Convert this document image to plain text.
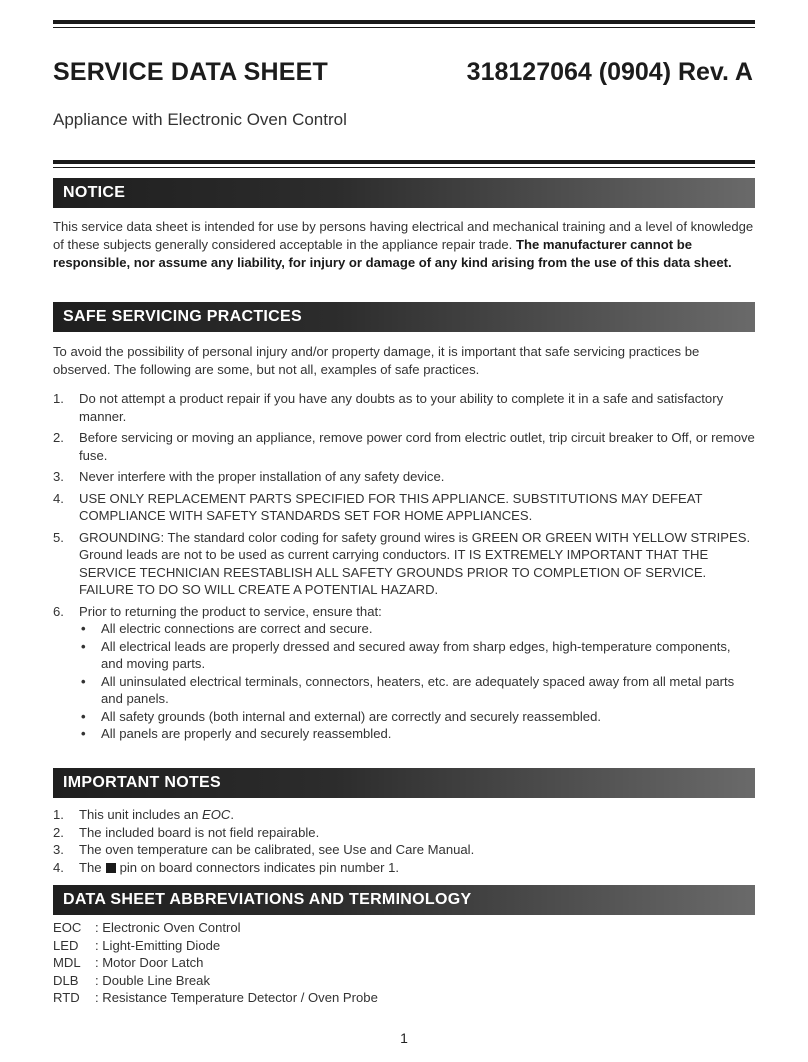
SERVICE DATA SHEET	318127064 (0904) Rev. A
Appliance with Electronic Oven Control
NOTICE
This service data sheet is intended for use by persons having electrical and mechanical training and a level of knowledge of these subjects generally considered acceptable in the appliance repair trade. The manufacturer cannot be responsible, nor assume any liability, for injury or damage of any kind arising from the use of this data sheet.
SAFE SERVICING PRACTICES
To avoid the possibility of personal injury and/or property damage, it is important that safe servicing practices be observed. The following are some, but not all, examples of safe practices.
1. Do not attempt a product repair if you have any doubts as to your ability to complete it in a safe and satisfactory manner.
2. Before servicing or moving an appliance, remove power cord from electric outlet, trip circuit breaker to Off, or remove fuse.
3. Never interfere with the proper installation of any safety device.
4. USE ONLY REPLACEMENT PARTS SPECIFIED FOR THIS APPLIANCE. SUBSTITUTIONS MAY DEFEAT COMPLIANCE WITH SAFETY STANDARDS SET FOR HOME APPLIANCES.
5. GROUNDING: The standard color coding for safety ground wires is GREEN OR GREEN WITH YELLOW STRIPES. Ground leads are not to be used as current carrying conductors. IT IS EXTREMELY IMPORTANT THAT THE SERVICE TECHNICIAN REESTABLISH ALL SAFETY GROUNDS PRIOR TO COMPLETION OF SERVICE. FAILURE TO DO SO WILL CREATE A POTENTIAL HAZARD.
6. Prior to returning the product to service, ensure that:
• All electric connections are correct and secure.
• All electrical leads are properly dressed and secured away from sharp edges, high-temperature components, and moving parts.
• All uninsulated electrical terminals, connectors, heaters, etc. are adequately spaced away from all metal parts and panels.
• All safety grounds (both internal and external) are correctly and securely reassembled.
• All panels are properly and securely reassembled.
IMPORTANT NOTES
1. This unit includes an EOC.
2. The included board is not field repairable.
3. The oven temperature can be calibrated, see Use and Care Manual.
4. The pin on board connectors indicates pin number 1.
DATA SHEET ABBREVIATIONS AND TERMINOLOGY
EOC	: Electronic Oven Control
LED	: Light-Emitting Diode
MDL	: Motor Door Latch
DLB	: Double Line Break
RTD	: Resistance Temperature Detector / Oven Probe
1
